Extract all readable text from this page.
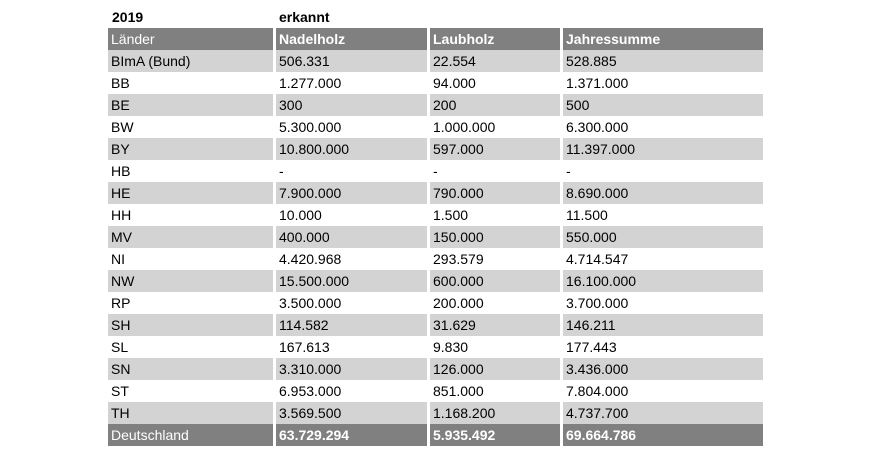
2019	erkannt
Länder	Nadelholz	Laubholz	Jahressumme
BImA (Bund)	506.331	22.554	528.885
BB	1.277.000	94.000	1.371.000
BE	300	200	500
BW	5.300.000	1.000.000	6.300.000
BY	10.800.000	597.000	11.397.000
HB	-	-	-
HE	7.900.000	790.000	8.690.000
HH	10.000	1.500	11.500
MV	400.000	150.000	550.000
NI	4.420.968	293.579	4.714.547
NW	15.500.000	600.000	16.100.000
RP	3.500.000	200.000	3.700.000
SH	114.582	31.629	146.211
SL	167.613	9.830	177.443
SN	3.310.000	126.000	3.436.000
ST	6.953.000	851.000	7.804.000
TH	3.569.500	1.168.200	4.737.700
Deutschland	63.729.294	5.935.492	69.664.786
